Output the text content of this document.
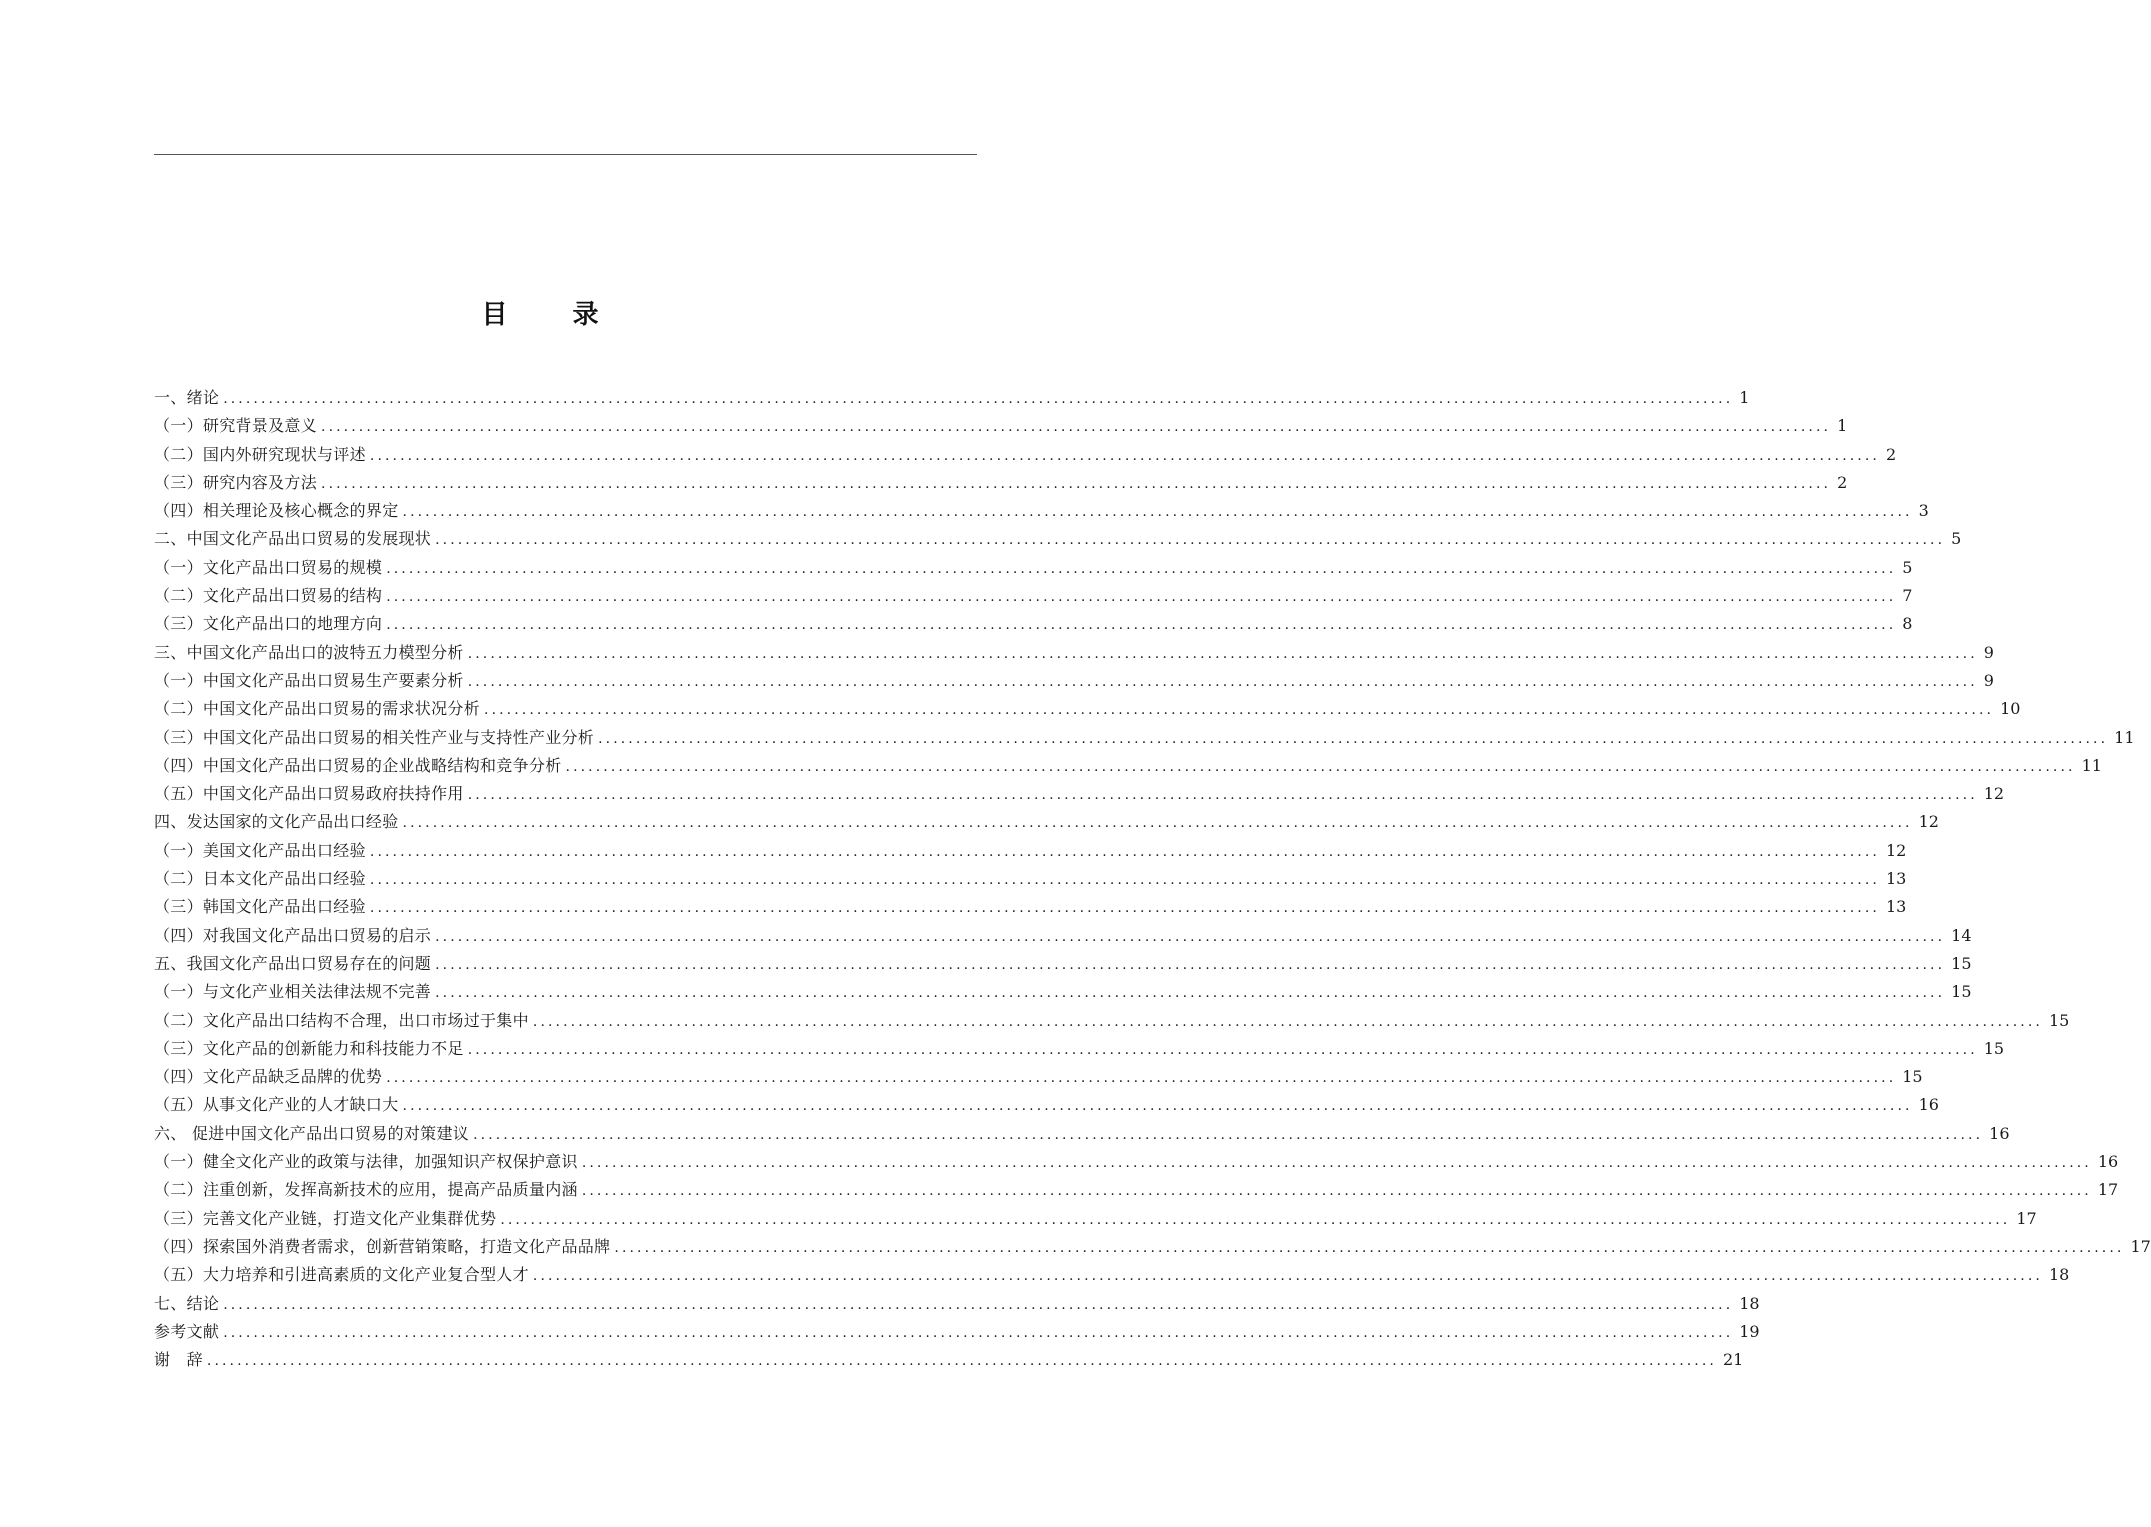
目 录
一、绪论 ........................................................................................................................................................................................................ 1
（一）研究背景及意义 ........................................................................................................................................................................................................ 1
（二）国内外研究现状与评述 ........................................................................................................................................................................................................ 2
（三）研究内容及方法 ........................................................................................................................................................................................................ 2
（四）相关理论及核心概念的界定 ........................................................................................................................................................................................................ 3
二、中国文化产品出口贸易的发展现状 ........................................................................................................................................................................................................ 5
（一）文化产品出口贸易的规模 ........................................................................................................................................................................................................ 5
（二）文化产品出口贸易的结构 ........................................................................................................................................................................................................ 7
（三）文化产品出口的地理方向 ........................................................................................................................................................................................................ 8
三、中国文化产品出口的波特五力模型分析 ........................................................................................................................................................................................................ 9
（一）中国文化产品出口贸易生产要素分析 ........................................................................................................................................................................................................ 9
（二）中国文化产品出口贸易的需求状况分析 ........................................................................................................................................................................................................ 10
（三）中国文化产品出口贸易的相关性产业与支持性产业分析 ........................................................................................................................................................................................................ 11
（四）中国文化产品出口贸易的企业战略结构和竞争分析 ........................................................................................................................................................................................................ 11
（五）中国文化产品出口贸易政府扶持作用 ........................................................................................................................................................................................................ 12
四、发达国家的文化产品出口经验 ........................................................................................................................................................................................................ 12
（一）美国文化产品出口经验 ........................................................................................................................................................................................................ 12
（二）日本文化产品出口经验 ........................................................................................................................................................................................................ 13
（三）韩国文化产品出口经验 ........................................................................................................................................................................................................ 13
（四）对我国文化产品出口贸易的启示 ........................................................................................................................................................................................................ 14
五、我国文化产品出口贸易存在的问题 ........................................................................................................................................................................................................ 15
（一）与文化产业相关法律法规不完善 ........................................................................................................................................................................................................ 15
（二）文化产品出口结构不合理，出口市场过于集中 ........................................................................................................................................................................................................ 15
（三）文化产品的创新能力和科技能力不足 ........................................................................................................................................................................................................ 15
（四）文化产品缺乏品牌的优势 ........................................................................................................................................................................................................ 15
（五）从事文化产业的人才缺口大 ........................................................................................................................................................................................................ 16
六、 促进中国文化产品出口贸易的对策建议 ........................................................................................................................................................................................................ 16
（一）健全文化产业的政策与法律，加强知识产权保护意识 ........................................................................................................................................................................................................ 16
（二）注重创新，发挥高新技术的应用，提高产品质量内涵 ........................................................................................................................................................................................................ 17
（三）完善文化产业链，打造文化产业集群优势 ........................................................................................................................................................................................................ 17
（四）探索国外消费者需求，创新营销策略，打造文化产品品牌 ........................................................................................................................................................................................................ 17
（五）大力培养和引进高素质的文化产业复合型人才 ........................................................................................................................................................................................................ 18
七、结论 ........................................................................................................................................................................................................ 18
参考文献 ........................................................................................................................................................................................................ 19
谢　辞 ........................................................................................................................................................................................................ 21
